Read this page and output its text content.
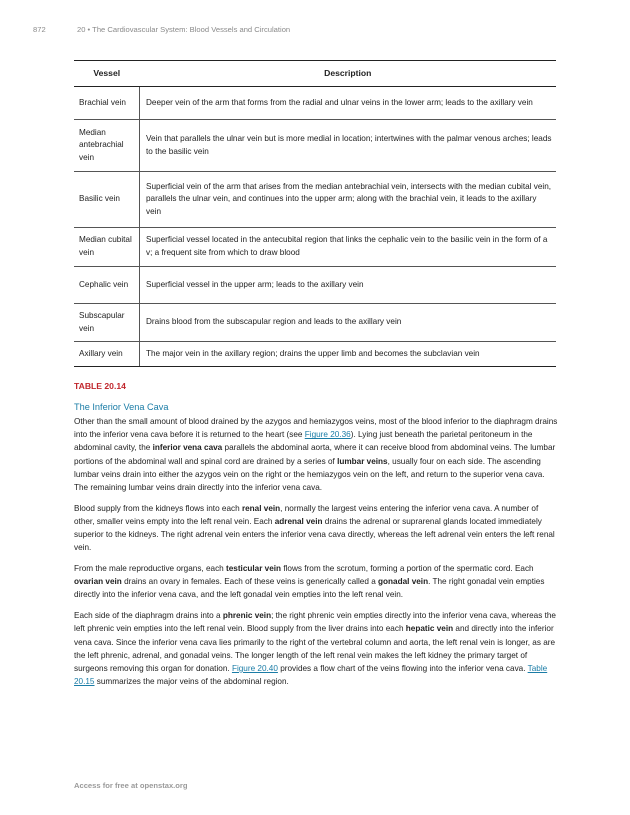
872	20 • The Cardiovascular System: Blood Vessels and Circulation
Vessel	Description
Brachial vein	Deeper vein of the arm that forms from the radial and ulnar veins in the lower arm; leads to the axillary vein
Median antebrachial vein	Vein that parallels the ulnar vein but is more medial in location; intertwines with the palmar venous arches; leads to the basilic vein
Basilic vein	Superficial vein of the arm that arises from the median antebrachial vein, intersects with the median cubital vein, parallels the ulnar vein, and continues into the upper arm; along with the brachial vein, it leads to the axillary vein
Median cubital vein	Superficial vessel located in the antecubital region that links the cephalic vein to the basilic vein in the form of a v; a frequent site from which to draw blood
Cephalic vein	Superficial vessel in the upper arm; leads to the axillary vein
Subscapular vein	Drains blood from the subscapular region and leads to the axillary vein
Axillary vein	The major vein in the axillary region; drains the upper limb and becomes the subclavian vein
TABLE 20.14
The Inferior Vena Cava

Other than the small amount of blood drained by the azygos and hemiazygos veins, most of the blood inferior to the diaphragm drains into the inferior vena cava before it is returned to the heart (see Figure 20.36). Lying just beneath the parietal peritoneum in the abdominal cavity, the inferior vena cava parallels the abdominal aorta, where it can receive blood from abdominal veins. The lumbar portions of the abdominal wall and spinal cord are drained by a series of lumbar veins, usually four on each side. The ascending lumbar veins drain into either the azygos vein on the right or the hemiazygos vein on the left, and return to the superior vena cava. The remaining lumbar veins drain directly into the inferior vena cava.

Blood supply from the kidneys flows into each renal vein, normally the largest veins entering the inferior vena cava. A number of other, smaller veins empty into the left renal vein. Each adrenal vein drains the adrenal or suprarenal glands located immediately superior to the kidneys. The right adrenal vein enters the inferior vena cava directly, whereas the left adrenal vein enters the left renal vein.

From the male reproductive organs, each testicular vein flows from the scrotum, forming a portion of the spermatic cord. Each ovarian vein drains an ovary in females. Each of these veins is generically called a gonadal vein. The right gonadal vein empties directly into the inferior vena cava, and the left gonadal vein empties into the left renal vein.

Each side of the diaphragm drains into a phrenic vein; the right phrenic vein empties directly into the inferior vena cava, whereas the left phrenic vein empties into the left renal vein. Blood supply from the liver drains into each hepatic vein and directly into the inferior vena cava. Since the inferior vena cava lies primarily to the right of the vertebral column and aorta, the left renal vein is longer, as are the left phrenic, adrenal, and gonadal veins. The longer length of the left renal vein makes the left kidney the primary target of surgeons removing this organ for donation. Figure 20.40 provides a flow chart of the veins flowing into the inferior vena cava. Table 20.15 summarizes the major veins of the abdominal region.

Access for free at openstax.org
